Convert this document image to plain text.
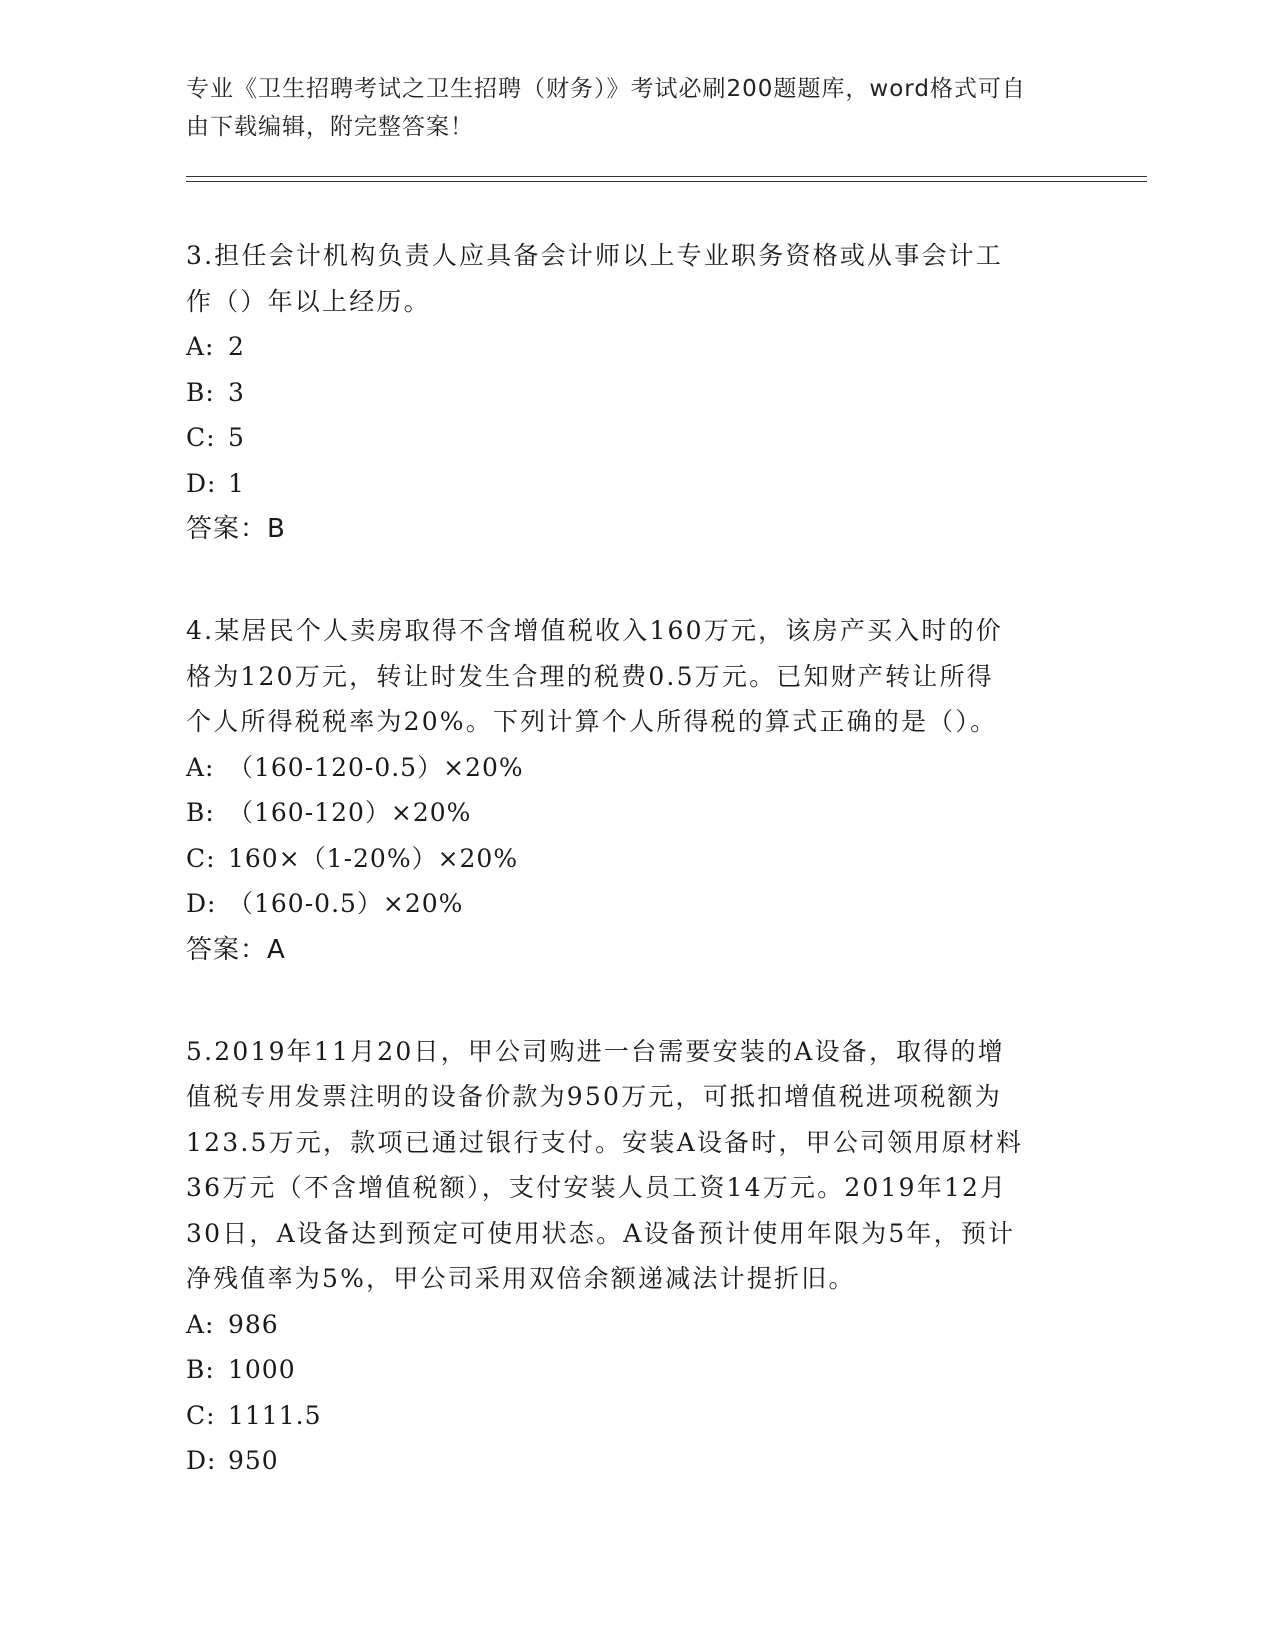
专业《卫生招聘考试之卫生招聘（财务）》考试必刷200题题库，word格式可自

由下载编辑，附完整答案！

3.担任会计机构负责人应具备会计师以上专业职务资格或从事会计工

作（）年以上经历。

A: 2

B: 3

C: 5

D: 1

答案：B

4.某居民个人卖房取得不含增值税收入160万元，该房产买入时的价

格为120万元，转让时发生合理的税费0.5万元。已知财产转让所得

个人所得税税率为20%。下列计算个人所得税的算式正确的是（）。

A: （160-120-0.5）×20%

B: （160-120）×20%

C: 160×（1-20%）×20%

D: （160-0.5）×20%

答案：A

5.2019年11月20日，甲公司购进一台需要安装的A设备，取得的增

值税专用发票注明的设备价款为950万元，可抵扣增值税进项税额为

123.5万元，款项已通过银行支付。安装A设备时，甲公司领用原材料

36万元（不含增值税额），支付安装人员工资14万元。2019年12月

30日，A设备达到预定可使用状态。A设备预计使用年限为5年，预计

净残值率为5%，甲公司采用双倍余额递减法计提折旧。

A: 986

B: 1000

C: 1111.5

D: 950
